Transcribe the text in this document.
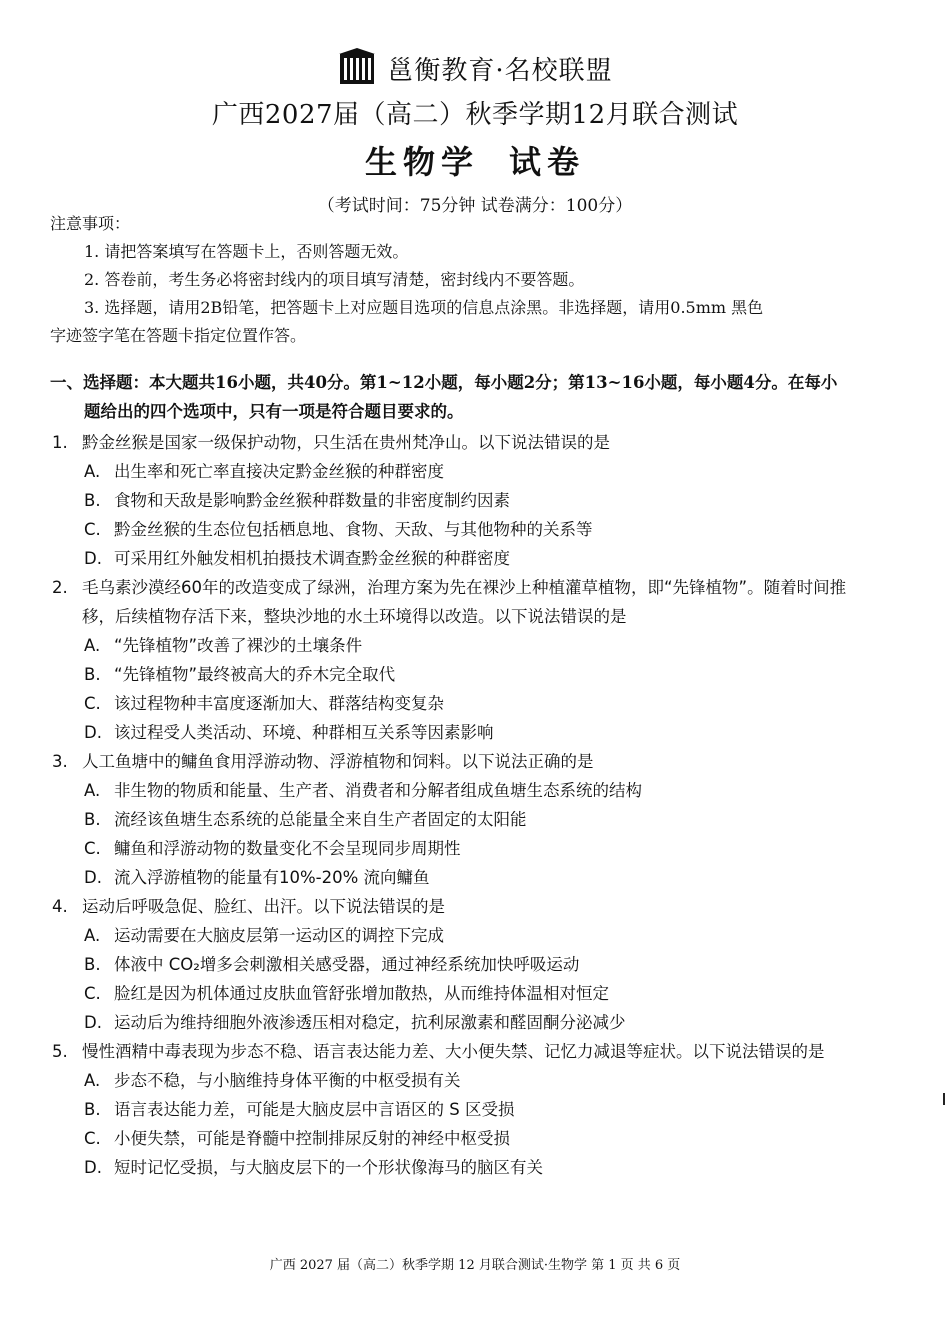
邕衡教育·名校联盟
广西2027届（高二）秋季学期12月联合测试
生物学 试卷
（考试时间：75分钟 试卷满分：100分）
注意事项：
1. 请把答案填写在答题卡上，否则答题无效。
2. 答卷前，考生务必将密封线内的项目填写清楚，密封线内不要答题。
3. 选择题，请用2B铅笔，把答题卡上对应题目选项的信息点涂黑。非选择题，请用0.5mm 黑色
字迹签字笔在答题卡指定位置作答。
一、选择题：本大题共16小题，共40分。第1~12小题，每小题2分；第13~16小题，每小题4分。在每小
题给出的四个选项中，只有一项是符合题目要求的。
1. 黔金丝猴是国家一级保护动物，只生活在贵州梵净山。以下说法错误的是
A. 出生率和死亡率直接决定黔金丝猴的种群密度
B. 食物和天敌是影响黔金丝猴种群数量的非密度制约因素
C. 黔金丝猴的生态位包括栖息地、食物、天敌、与其他物种的关系等
D. 可采用红外触发相机拍摄技术调查黔金丝猴的种群密度
2. 毛乌素沙漠经60年的改造变成了绿洲，治理方案为先在裸沙上种植灌草植物，即“先锋植物”。随着时间推移，后续植物存活下来，整块沙地的水土环境得以改造。以下说法错误的是
A. “先锋植物”改善了裸沙的土壤条件
B. “先锋植物”最终被高大的乔木完全取代
C. 该过程物种丰富度逐渐加大、群落结构变复杂
D. 该过程受人类活动、环境、种群相互关系等因素影响
3. 人工鱼塘中的鳙鱼食用浮游动物、浮游植物和饲料。以下说法正确的是
A. 非生物的物质和能量、生产者、消费者和分解者组成鱼塘生态系统的结构
B. 流经该鱼塘生态系统的总能量全来自生产者固定的太阳能
C. 鳙鱼和浮游动物的数量变化不会呈现同步周期性
D. 流入浮游植物的能量有10%-20% 流向鳙鱼
4. 运动后呼吸急促、脸红、出汗。以下说法错误的是
A. 运动需要在大脑皮层第一运动区的调控下完成
B. 体液中 CO₂增多会刺激相关感受器，通过神经系统加快呼吸运动
C. 脸红是因为机体通过皮肤血管舒张增加散热，从而维持体温相对恒定
D. 运动后为维持细胞外液渗透压相对稳定，抗利尿激素和醛固酮分泌减少
5. 慢性酒精中毒表现为步态不稳、语言表达能力差、大小便失禁、记忆力减退等症状。以下说法错误的是
A. 步态不稳，与小脑维持身体平衡的中枢受损有关
B. 语言表达能力差，可能是大脑皮层中言语区的 S 区受损
C. 小便失禁，可能是脊髓中控制排尿反射的神经中枢受损
D. 短时记忆受损，与大脑皮层下的一个形状像海马的脑区有关
广西 2027 届（高二）秋季学期 12 月联合测试·生物学 第 1 页 共 6 页
